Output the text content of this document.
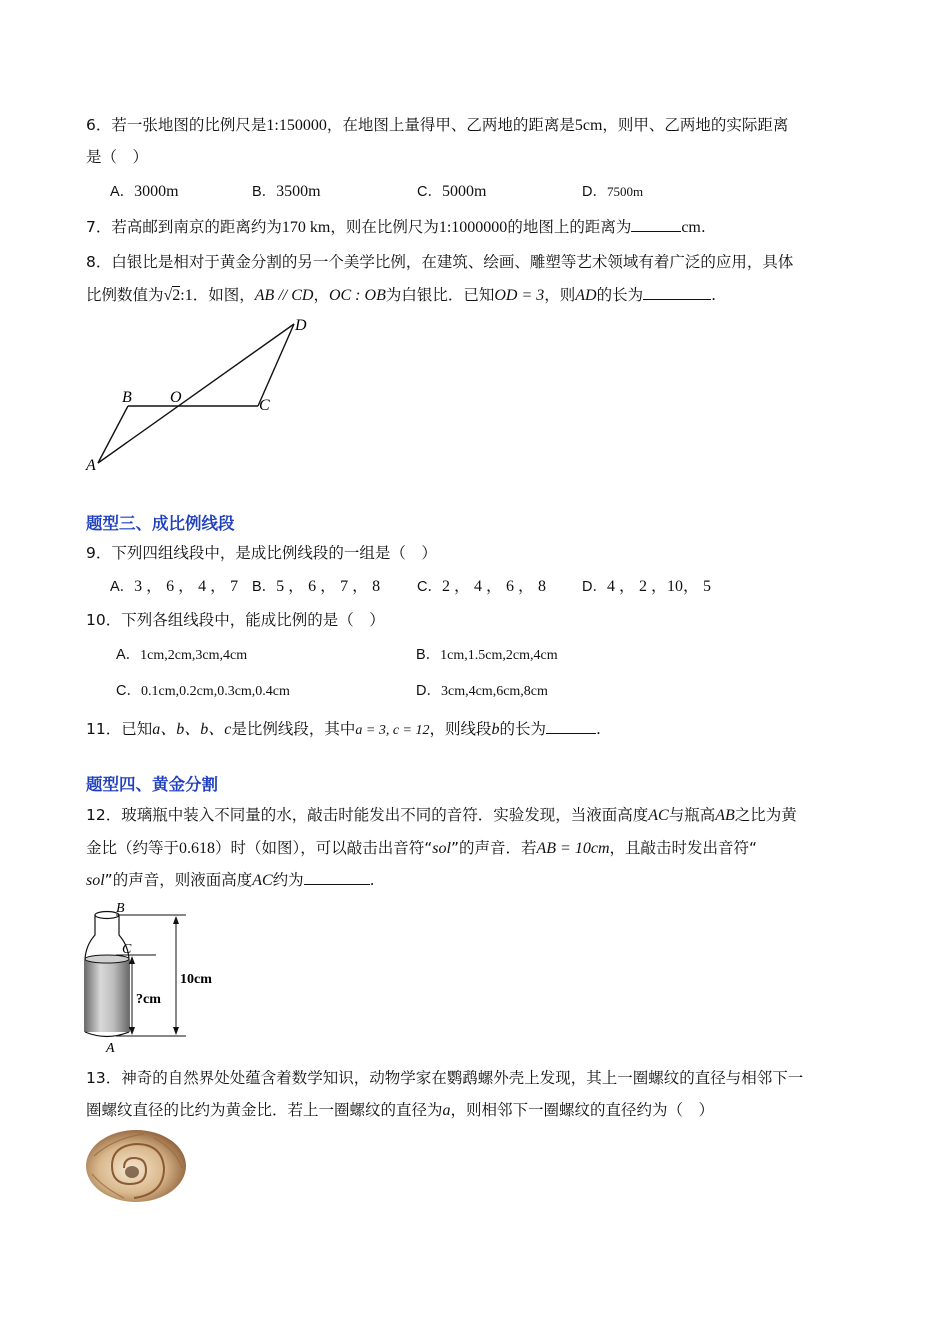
6．若一张地图的比例尺是1:150000，在地图上量得甲、乙两地的距离是5cm，则甲、乙两地的实际距离
是（　）
A．3000m	B．3500m	C．5000m	D．7500m
7．若高邮到南京的距离约为170 km，则在比例尺为1:1000000的地图上的距离为	cm.
8．白银比是相对于黄金分割的另一个美学比例，在建筑、绘画、雕塑等艺术领域有着广泛的应用，具体
比例数值为√2:1．如图，AB // CD，OC : OB为白银比．已知OD = 3，则AD的长为	.
A
B O	C
D
题型三、成比例线段
9．下列四组线段中，是成比例线段的一组是（　）
A．3 ， 6 ， 4 ， 7 B．5 ， 6 ， 7 ， 8	C．2 ， 4 ， 6 ， 8 D．4 ， 2 ，10， 5
10．下列各组线段中，能成比例的是（　）
A．1cm,2cm,3cm,4cm	B．1cm,1.5cm,2cm,4cm
C．0.1cm,0.2cm,0.3cm,0.4cm	D．3cm,4cm,6cm,8cm
11．已知a、b、b、c是比例线段，其中a = 3, c = 12，则线段b的长为	.
题型四、黄金分割
12．玻璃瓶中装入不同量的水，敲击时能发出不同的音符．实验发现，当液面高度AC与瓶高AB之比为黄
金比（约等于0.618）时（如图），可以敲击出音符“sol”的声音．若AB = 10cm，且敲击时发出音符“
sol”的声音，则液面高度AC约为	.
B
C
A
10cm
?cm
13．神奇的自然界处处蕴含着数学知识，动物学家在鹦鹉螺外壳上发现，其上一圈螺纹的直径与相邻下一
圈螺纹直径的比约为黄金比．若上一圈螺纹的直径为a，则相邻下一圈螺纹的直径约为（　）
